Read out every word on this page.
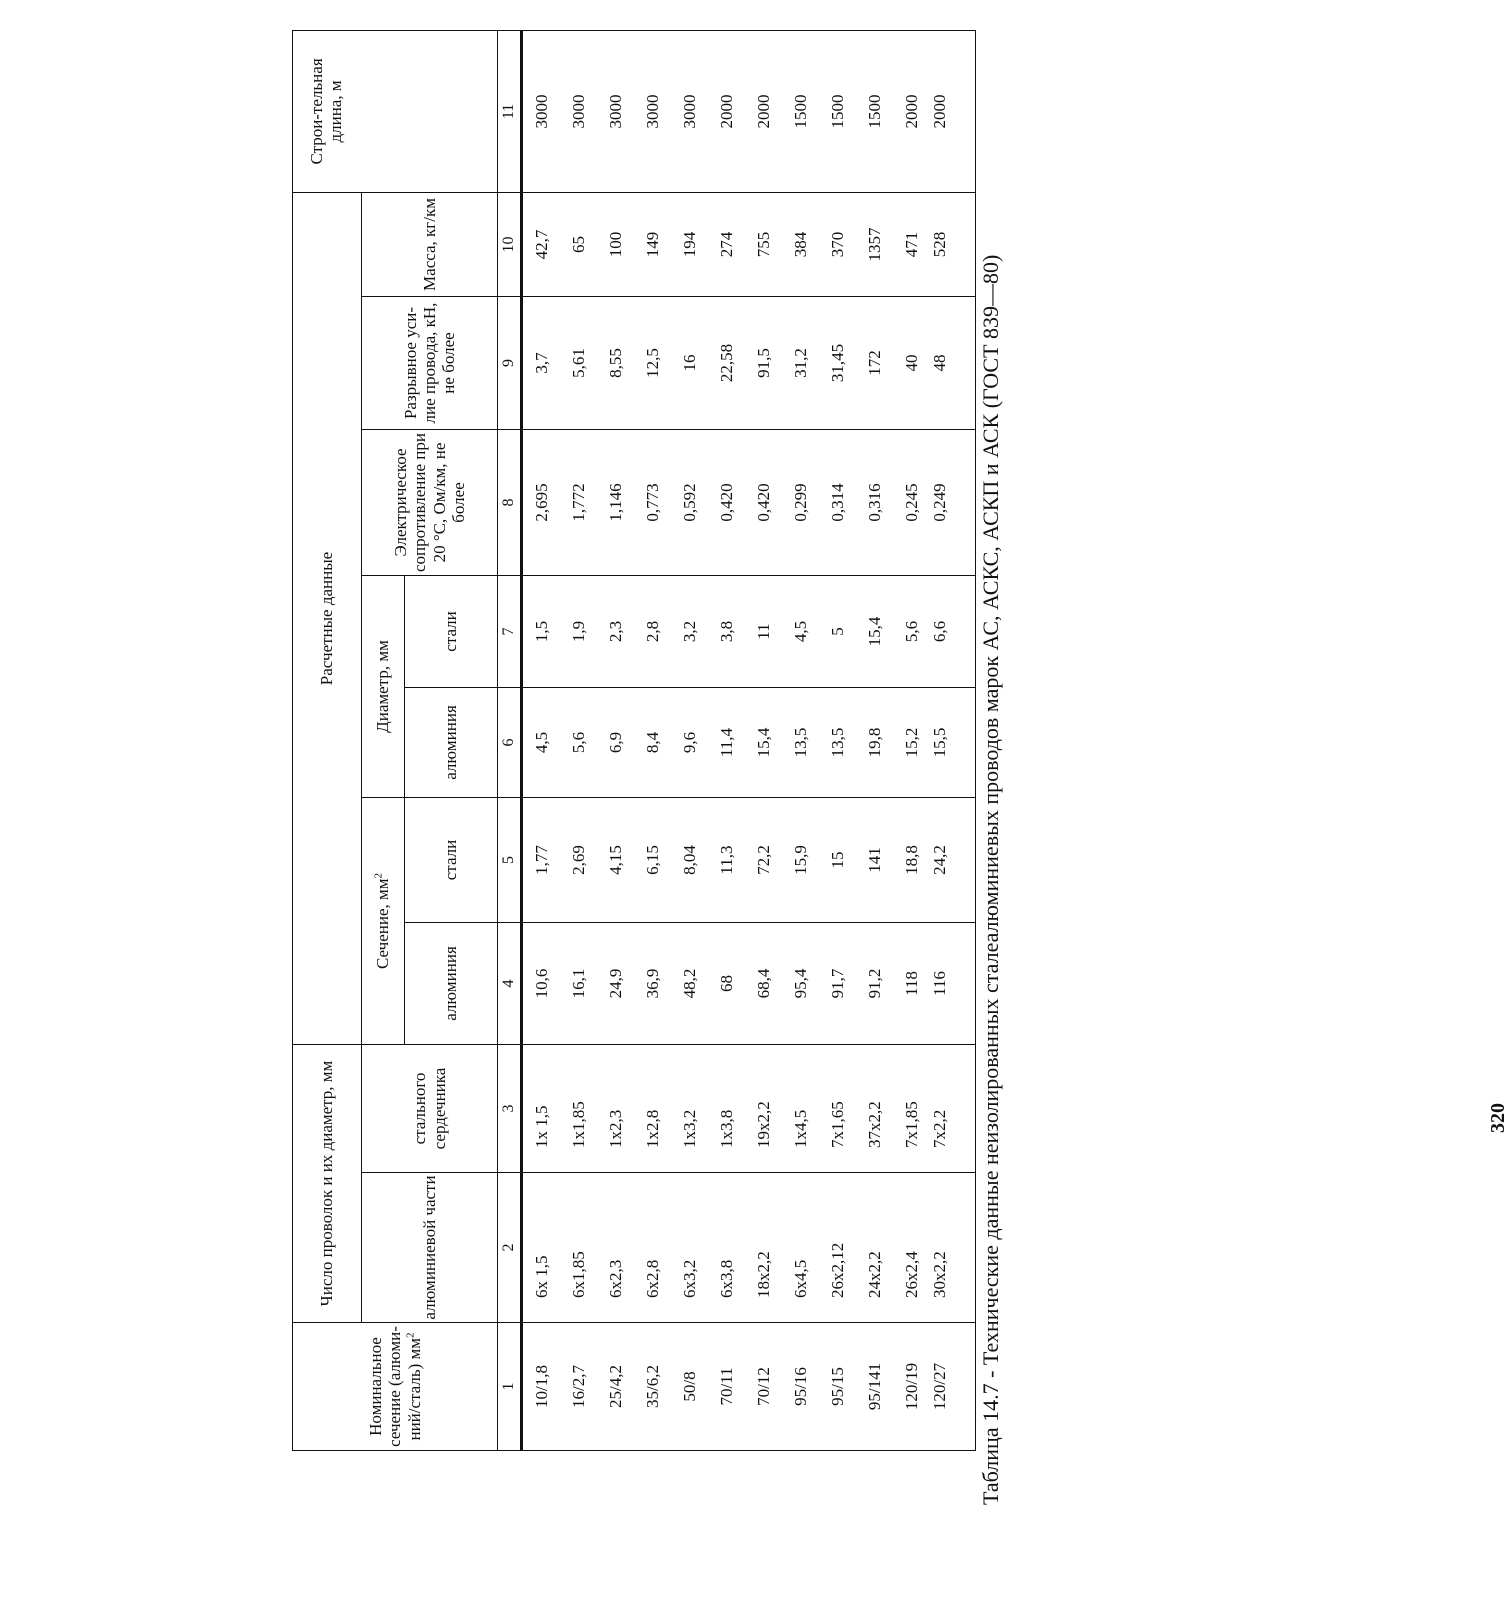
Таблица 14.7 - Технические данные неизолированных сталеалюминиевых проводов марок АС, АСКС, АСКП и АСК (ГОСТ 839—80)
Номинальное сечение (алюми-ний/сталь) $мм^2$	Число проволок и их диаметр, мм		Расчетные данные							Строи-тельная длина, м
	алюминиевой части	стального сердечника	Сечение, $мм^2$		Диаметр, мм		Электрическое сопротивление при 20 °С, Ом/км, не более	Разрывное уси-лие провода, кН, не более	Масса, кг/км	
			алюминия	стали	алюминия	стали				
1	2	3	4	5	6	7	8	9	10	11
10/1,8	6х 1,5	1х 1,5	10,6	1,77	4,5	1,5	2,695	3,7	42,7	3000
16/2,7	6х1,85	1х1,85	16,1	2,69	5,6	1,9	1,772	5,61	65	3000
25/4,2	6х2,3	1х2,3	24,9	4,15	6,9	2,3	1,146	8,55	100	3000
35/6,2	6х2,8	1х2,8	36,9	6,15	8,4	2,8	0,773	12,5	149	3000
50/8	6х3,2	1х3,2	48,2	8,04	9,6	3,2	0,592	16	194	3000
70/11	6х3,8	1х3,8	68	11,3	11,4	3,8	0,420	22,58	274	2000
70/12	18х2,2	19х2,2	68,4	72,2	15,4	11	0,420	91,5	755	2000
95/16	6х4,5	1х4,5	95,4	15,9	13,5	4,5	0,299	31,2	384	1500
95/15	26х2,12	7х1,65	91,7	15	13,5	5	0,314	31,45	370	1500
95/141	24х2,2	37х2,2	91,2	141	19,8	15,4	0,316	172	1357	1500
120/19	26х2,4	7х1,85	118	18,8	15,2	5,6	0,245	40	471	2000
120/27	30х2,2	7х2,2	116	24,2	15,5	6,6	0,249	48	528	2000
320
